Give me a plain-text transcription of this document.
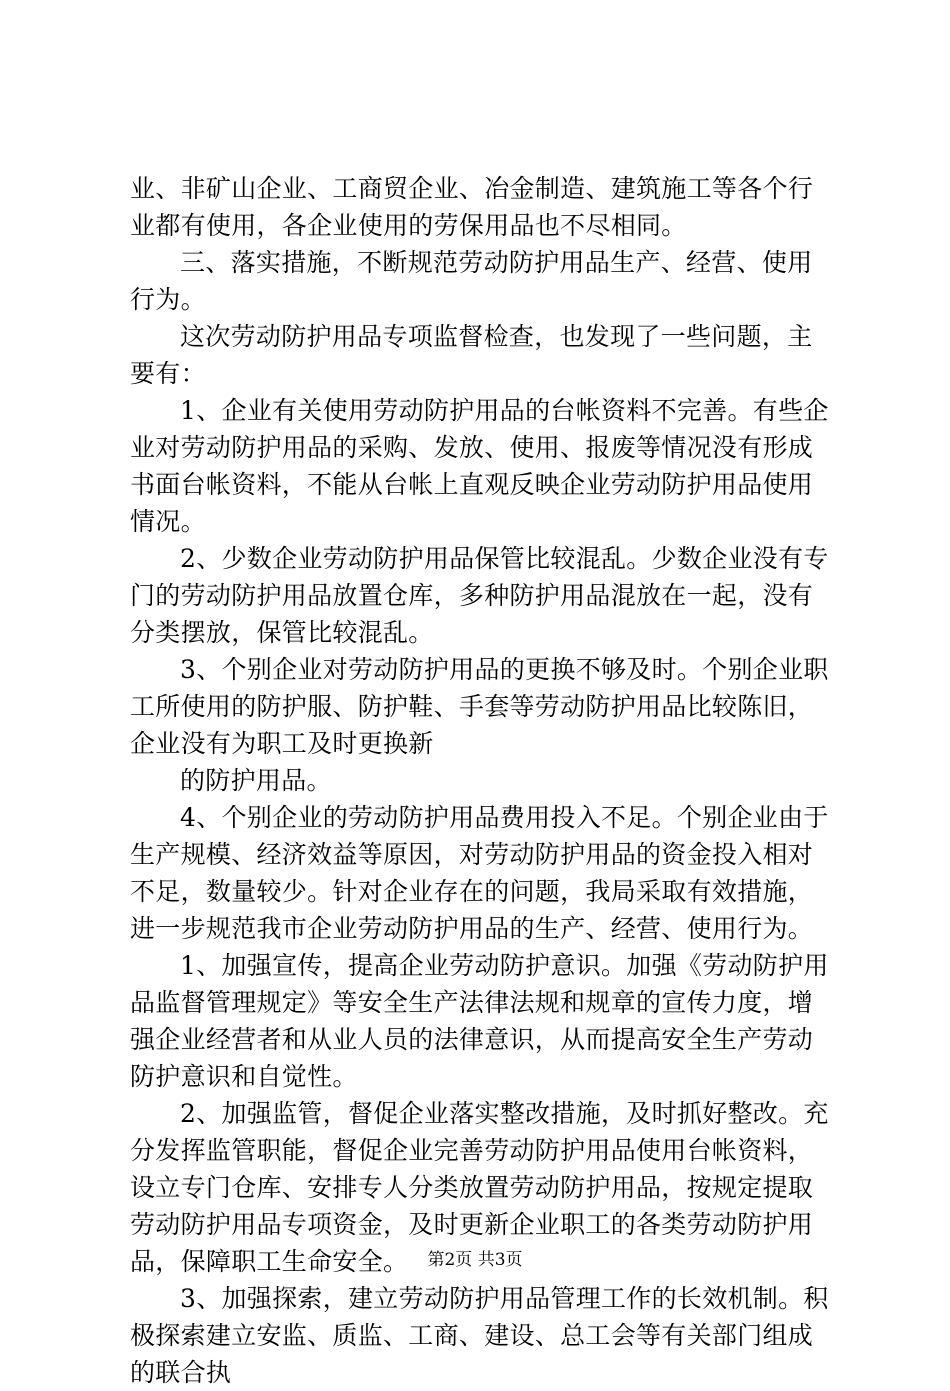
业、非矿山企业、工商贸企业、冶金制造、建筑施工等各个行
业都有使用，各企业使用的劳保用品也不尽相同。
三、落实措施，不断规范劳动防护用品生产、经营、使用
行为。
这次劳动防护用品专项监督检查，也发现了一些问题，主
要有：
1、企业有关使用劳动防护用品的台帐资料不完善。有些企
业对劳动防护用品的采购、发放、使用、报废等情况没有形成
书面台帐资料，不能从台帐上直观反映企业劳动防护用品使用
情况。
2、少数企业劳动防护用品保管比较混乱。少数企业没有专
门的劳动防护用品放置仓库，多种防护用品混放在一起，没有
分类摆放，保管比较混乱。
3、个别企业对劳动防护用品的更换不够及时。个别企业职
工所使用的防护服、防护鞋、手套等劳动防护用品比较陈旧，
企业没有为职工及时更换新
的防护用品。
4、个别企业的劳动防护用品费用投入不足。个别企业由于
生产规模、经济效益等原因，对劳动防护用品的资金投入相对
不足，数量较少。针对企业存在的问题，我局采取有效措施，
进一步规范我市企业劳动防护用品的生产、经营、使用行为。
1、加强宣传，提高企业劳动防护意识。加强《劳动防护用
品监督管理规定》等安全生产法律法规和规章的宣传力度，增
强企业经营者和从业人员的法律意识，从而提高安全生产劳动
防护意识和自觉性。
2、加强监管，督促企业落实整改措施，及时抓好整改。充
分发挥监管职能，督促企业完善劳动防护用品使用台帐资料，
设立专门仓库、安排专人分类放置劳动防护用品，按规定提取
劳动防护用品专项资金，及时更新企业职工的各类劳动防护用
品，保障职工生命安全。
3、加强探索，建立劳动防护用品管理工作的长效机制。积
极探索建立安监、质监、工商、建设、总工会等有关部门组成
的联合执
第2页 共3页
